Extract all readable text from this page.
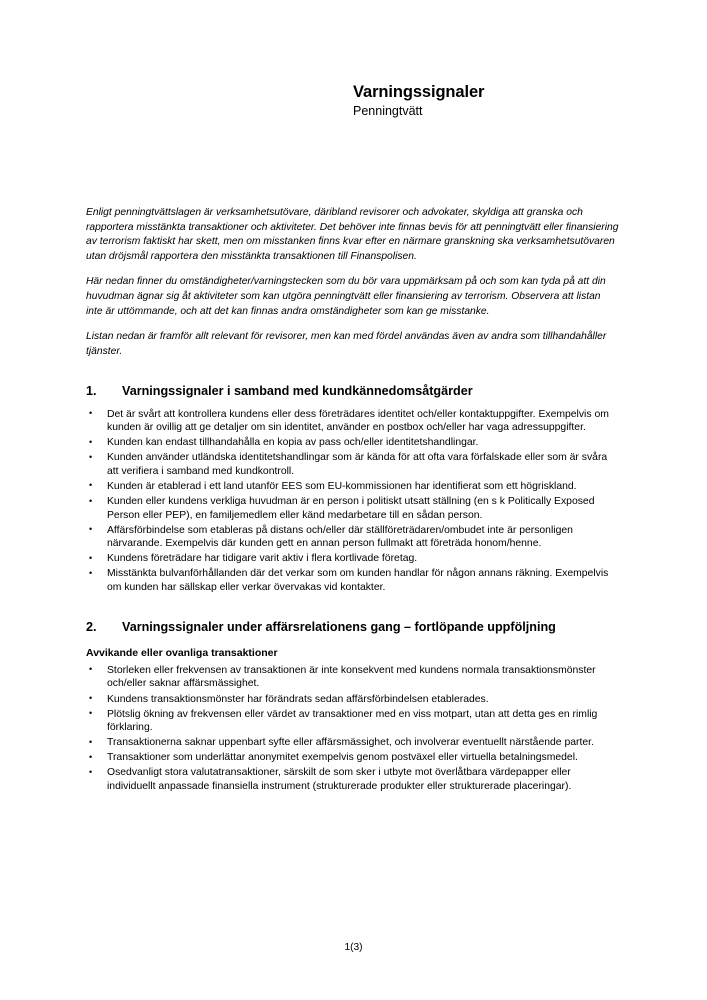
Varningssignaler
Penningtvätt

Enligt penningtvättslagen är verksamhetsutövare, däribland revisorer och advokater, skyldiga att granska och rapportera misstänkta transaktioner och aktiviteter. Det behöver inte finnas bevis för att penningtvätt eller finansiering av terrorism faktiskt har skett, men om misstanken finns kvar efter en närmare granskning ska verksamhetsutövaren utan dröjsmål rapportera den misstänkta transaktionen till Finanspolisen.

Här nedan finner du omständigheter/varningstecken som du bör vara uppmärksam på och som kan tyda på att din huvudman ägnar sig åt aktiviteter som kan utgöra penningtvätt eller finansiering av terrorism. Observera att listan inte är uttömmande, och att det kan finnas andra omständigheter som kan ge misstanke.

Listan nedan är framför allt relevant för revisorer, men kan med fördel användas även av andra som tillhandahåller tjänster.

1.	Varningssignaler i samband med kundkännedomsåtgärder
• Det är svårt att kontrollera kundens eller dess företrädares identitet och/eller kontaktuppgifter. Exempelvis om kunden är ovillig att ge detaljer om sin identitet, använder en postbox och/eller har vaga adressuppgifter.
• Kunden kan endast tillhandahålla en kopia av pass och/eller identitetshandlingar.
• Kunden använder utländska identitetshandlingar som är kända för att ofta vara förfalskade eller som är svåra att verifiera i samband med kundkontroll.
• Kunden är etablerad i ett land utanför EES som EU-kommissionen har identifierat som ett högriskland.
• Kunden eller kundens verkliga huvudman är en person i politiskt utsatt ställning (en s k Politically Exposed Person eller PEP), en familjemedlem eller känd medarbetare till en sådan person.
• Affärsförbindelse som etableras på distans och/eller där ställföreträdaren/ombudet inte är personligen närvarande. Exempelvis där kunden gett en annan person fullmakt att företräda honom/henne.
• Kundens företrädare har tidigare varit aktiv i flera kortlivade företag.
• Misstänkta bulvanförhållanden där det verkar som om kunden handlar för någon annans räkning. Exempelvis om kunden har sällskap eller verkar övervakas vid kontakter.
2.	Varningssignaler under affärsrelationens gang – fortlöpande uppföljning
Avvikande eller ovanliga transaktioner
• Storleken eller frekvensen av transaktionen är inte konsekvent med kundens normala transaktionsmönster och/eller saknar affärsmässighet.
• Kundens transaktionsmönster har förändrats sedan affärsförbindelsen etablerades.
• Plötslig ökning av frekvensen eller värdet av transaktioner med en viss motpart, utan att detta ges en rimlig förklaring.
• Transaktionerna saknar uppenbart syfte eller affärsmässighet, och involverar eventuellt närstående parter.
• Transaktioner som underlättar anonymitet exempelvis genom postväxel eller virtuella betalningsmedel.
• Osedvanligt stora valutatransaktioner, särskilt de som sker i utbyte mot överlåtbara värdepapper eller individuellt anpassade finansiella instrument (strukturerade produkter eller strukturerade placeringar).
1(3)
